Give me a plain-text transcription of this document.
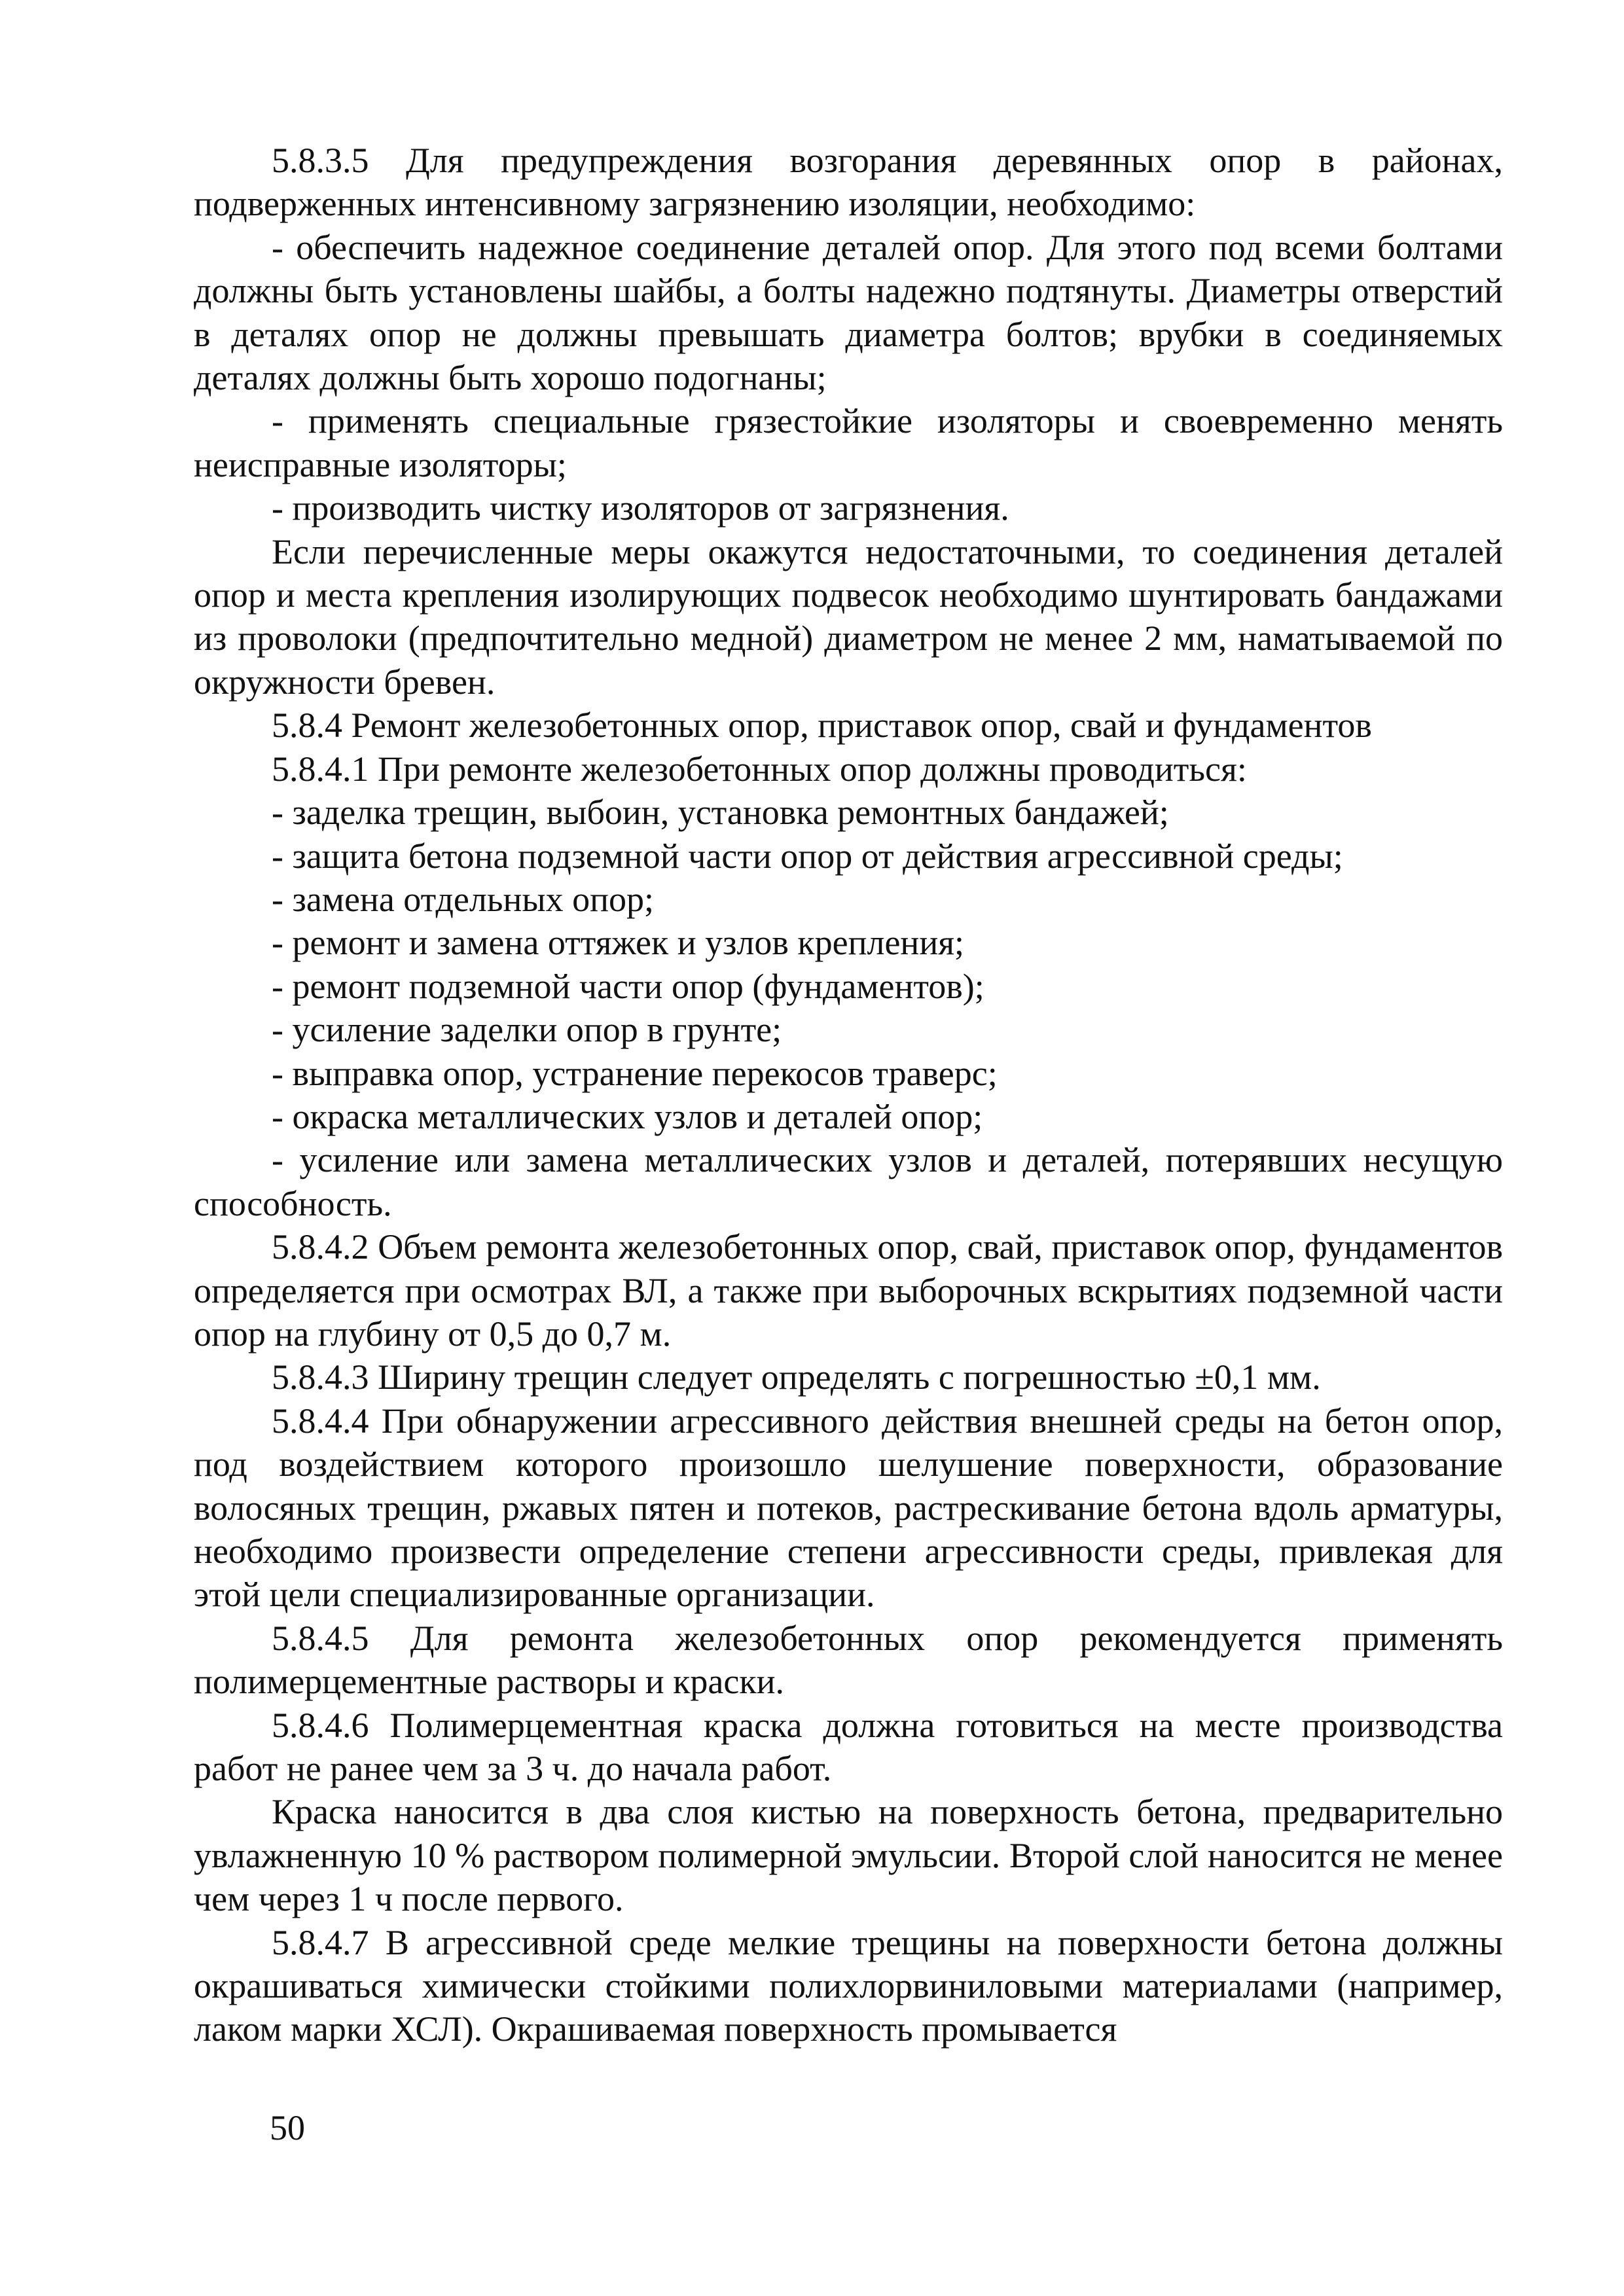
5.8.3.5 Для предупреждения возгорания деревянных опор в районах, подверженных интенсивному загрязнению изоляции, необходимо:

- обеспечить надежное соединение деталей опор. Для этого под всеми болтами должны быть установлены шайбы, а болты надежно подтянуты. Диаметры отверстий в деталях опор не должны превышать диаметра болтов; врубки в соединяемых деталях должны быть хорошо подогнаны;

- применять специальные грязестойкие изоляторы и своевременно менять неисправные изоляторы;

- производить чистку изоляторов от загрязнения.

Если перечисленные меры окажутся недостаточными, то соединения деталей опор и места крепления изолирующих подвесок необходимо шунтировать бандажами из проволоки (предпочтительно медной) диаметром не менее 2 мм, наматываемой по окружности бревен.

5.8.4 Ремонт железобетонных опор, приставок опор, свай и фундаментов

5.8.4.1 При ремонте железобетонных опор должны проводиться:

- заделка трещин, выбоин, установка ремонтных бандажей;

- защита бетона подземной части опор от действия агрессивной среды;

- замена отдельных опор;

- ремонт и замена оттяжек и узлов крепления;

- ремонт подземной части опор (фундаментов);

- усиление заделки опор в грунте;

- выправка опор, устранение перекосов траверс;

- окраска металлических узлов и деталей опор;

- усиление или замена металлических узлов и деталей, потерявших несущую способность.

5.8.4.2 Объем ремонта железобетонных опор, свай, приставок опор, фундаментов определяется при осмотрах ВЛ, а также при выборочных вскрытиях подземной части опор на глубину от 0,5 до 0,7 м.

5.8.4.3 Ширину трещин следует определять с погрешностью ±0,1 мм.

5.8.4.4 При обнаружении агрессивного действия внешней среды на бетон опор, под воздействием которого произошло шелушение поверхности, образование волосяных трещин, ржавых пятен и потеков, растрескивание бетона вдоль арматуры, необходимо произвести определение степени агрессивности среды, привлекая для этой цели специализированные организации.

5.8.4.5 Для ремонта железобетонных опор рекомендуется применять полимерцементные растворы и краски.

5.8.4.6 Полимерцементная краска должна готовиться на месте производства работ не ранее чем за 3 ч. до начала работ.

Краска наносится в два слоя кистью на поверхность бетона, предварительно увлажненную 10 % раствором полимерной эмульсии. Второй слой наносится не менее чем через 1 ч после первого.

5.8.4.7 В агрессивной среде мелкие трещины на поверхности бетона должны окрашиваться химически стойкими полихлорвиниловыми материалами (например, лаком марки ХСЛ). Окрашиваемая поверхность промывается

50
